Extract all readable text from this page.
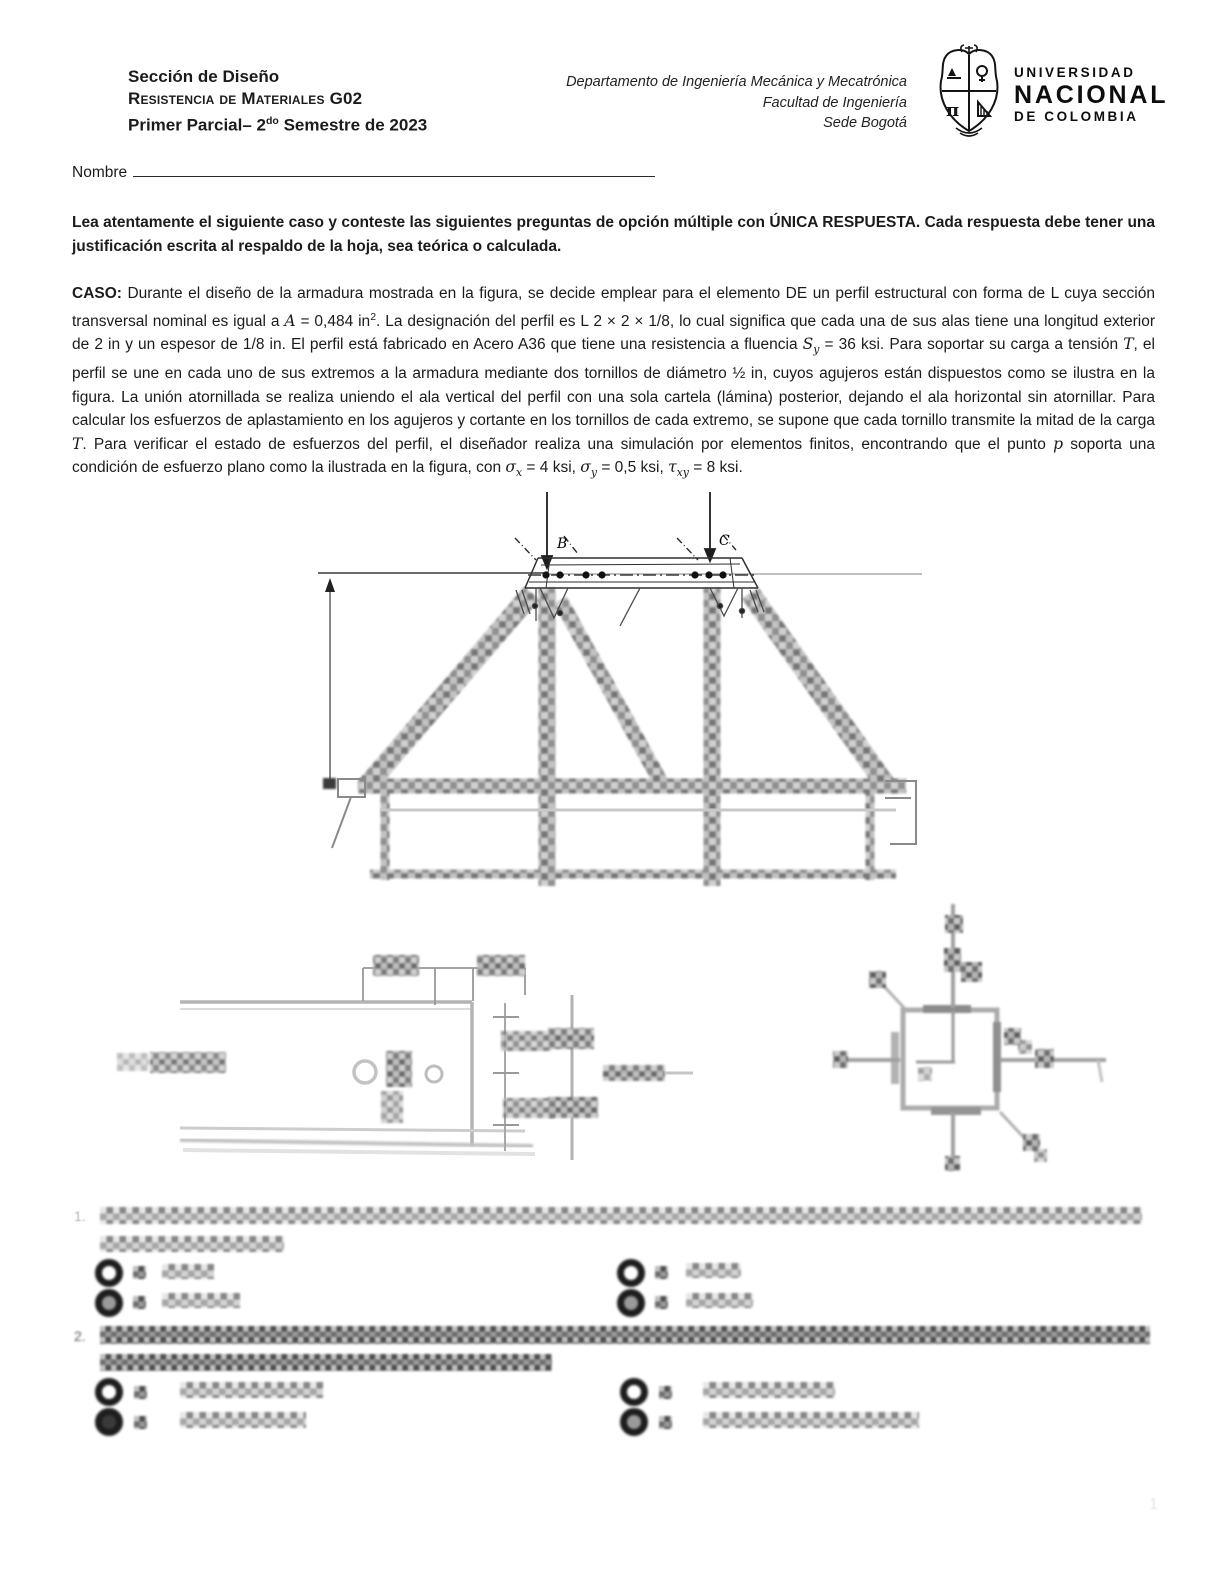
Sección de Diseño
Resistencia de Materiales G02
Primer Parcial– $2^{do}$ Semestre de 2023
Departamento de Ingeniería Mecánica y Mecatrónica
Facultad de Ingeniería
Sede Bogotá
π
UNIVERSIDAD
NACIONAL
DE COLOMBIA
Nombre
Lea atentamente el siguiente caso y conteste las siguientes preguntas de opción múltiple con ÚNICA RESPUESTA. Cada respuesta debe tener una justificación escrita al respaldo de la hoja, sea teórica o calculada.
CASO: Durante el diseño de la armadura mostrada en la figura, se decide emplear para el elemento DE un perfil estructural con forma de L cuya sección transversal nominal es igual a A = 0,484 $in^2$. La designación del perfil es L 2 × 2 × 1/8, lo cual significa que cada una de sus alas tiene una longitud exterior de 2 in y un espesor de 1/8 in. El perfil está fabricado en Acero A36 que tiene una resistencia a fluencia $S_y = 36$ ksi. Para soportar su carga a tensión T, el perfil se une en cada uno de sus extremos a la armadura mediante dos tornillos de diámetro ½ in, cuyos agujeros están dispuestos como se ilustra en la figura. La unión atornillada se realiza uniendo el ala vertical del perfil con una sola cartela (lámina) posterior, dejando el ala horizontal sin atornillar. Para calcular los esfuerzos de aplastamiento en los agujeros y cortante en los tornillos de cada extremo, se supone que cada tornillo transmite la mitad de la carga T. Para verificar el estado de esfuerzos del perfil, el diseñador realiza una simulación por elementos finitos, encontrando que el punto p soporta una condición de esfuerzo plano como la ilustrada en la figura, con $\sigma_x = 4$ ksi, $\sigma_y = 0,5$ ksi, $\tau_{xy} = 8$ ksi.
B	C
1.
2.
1
